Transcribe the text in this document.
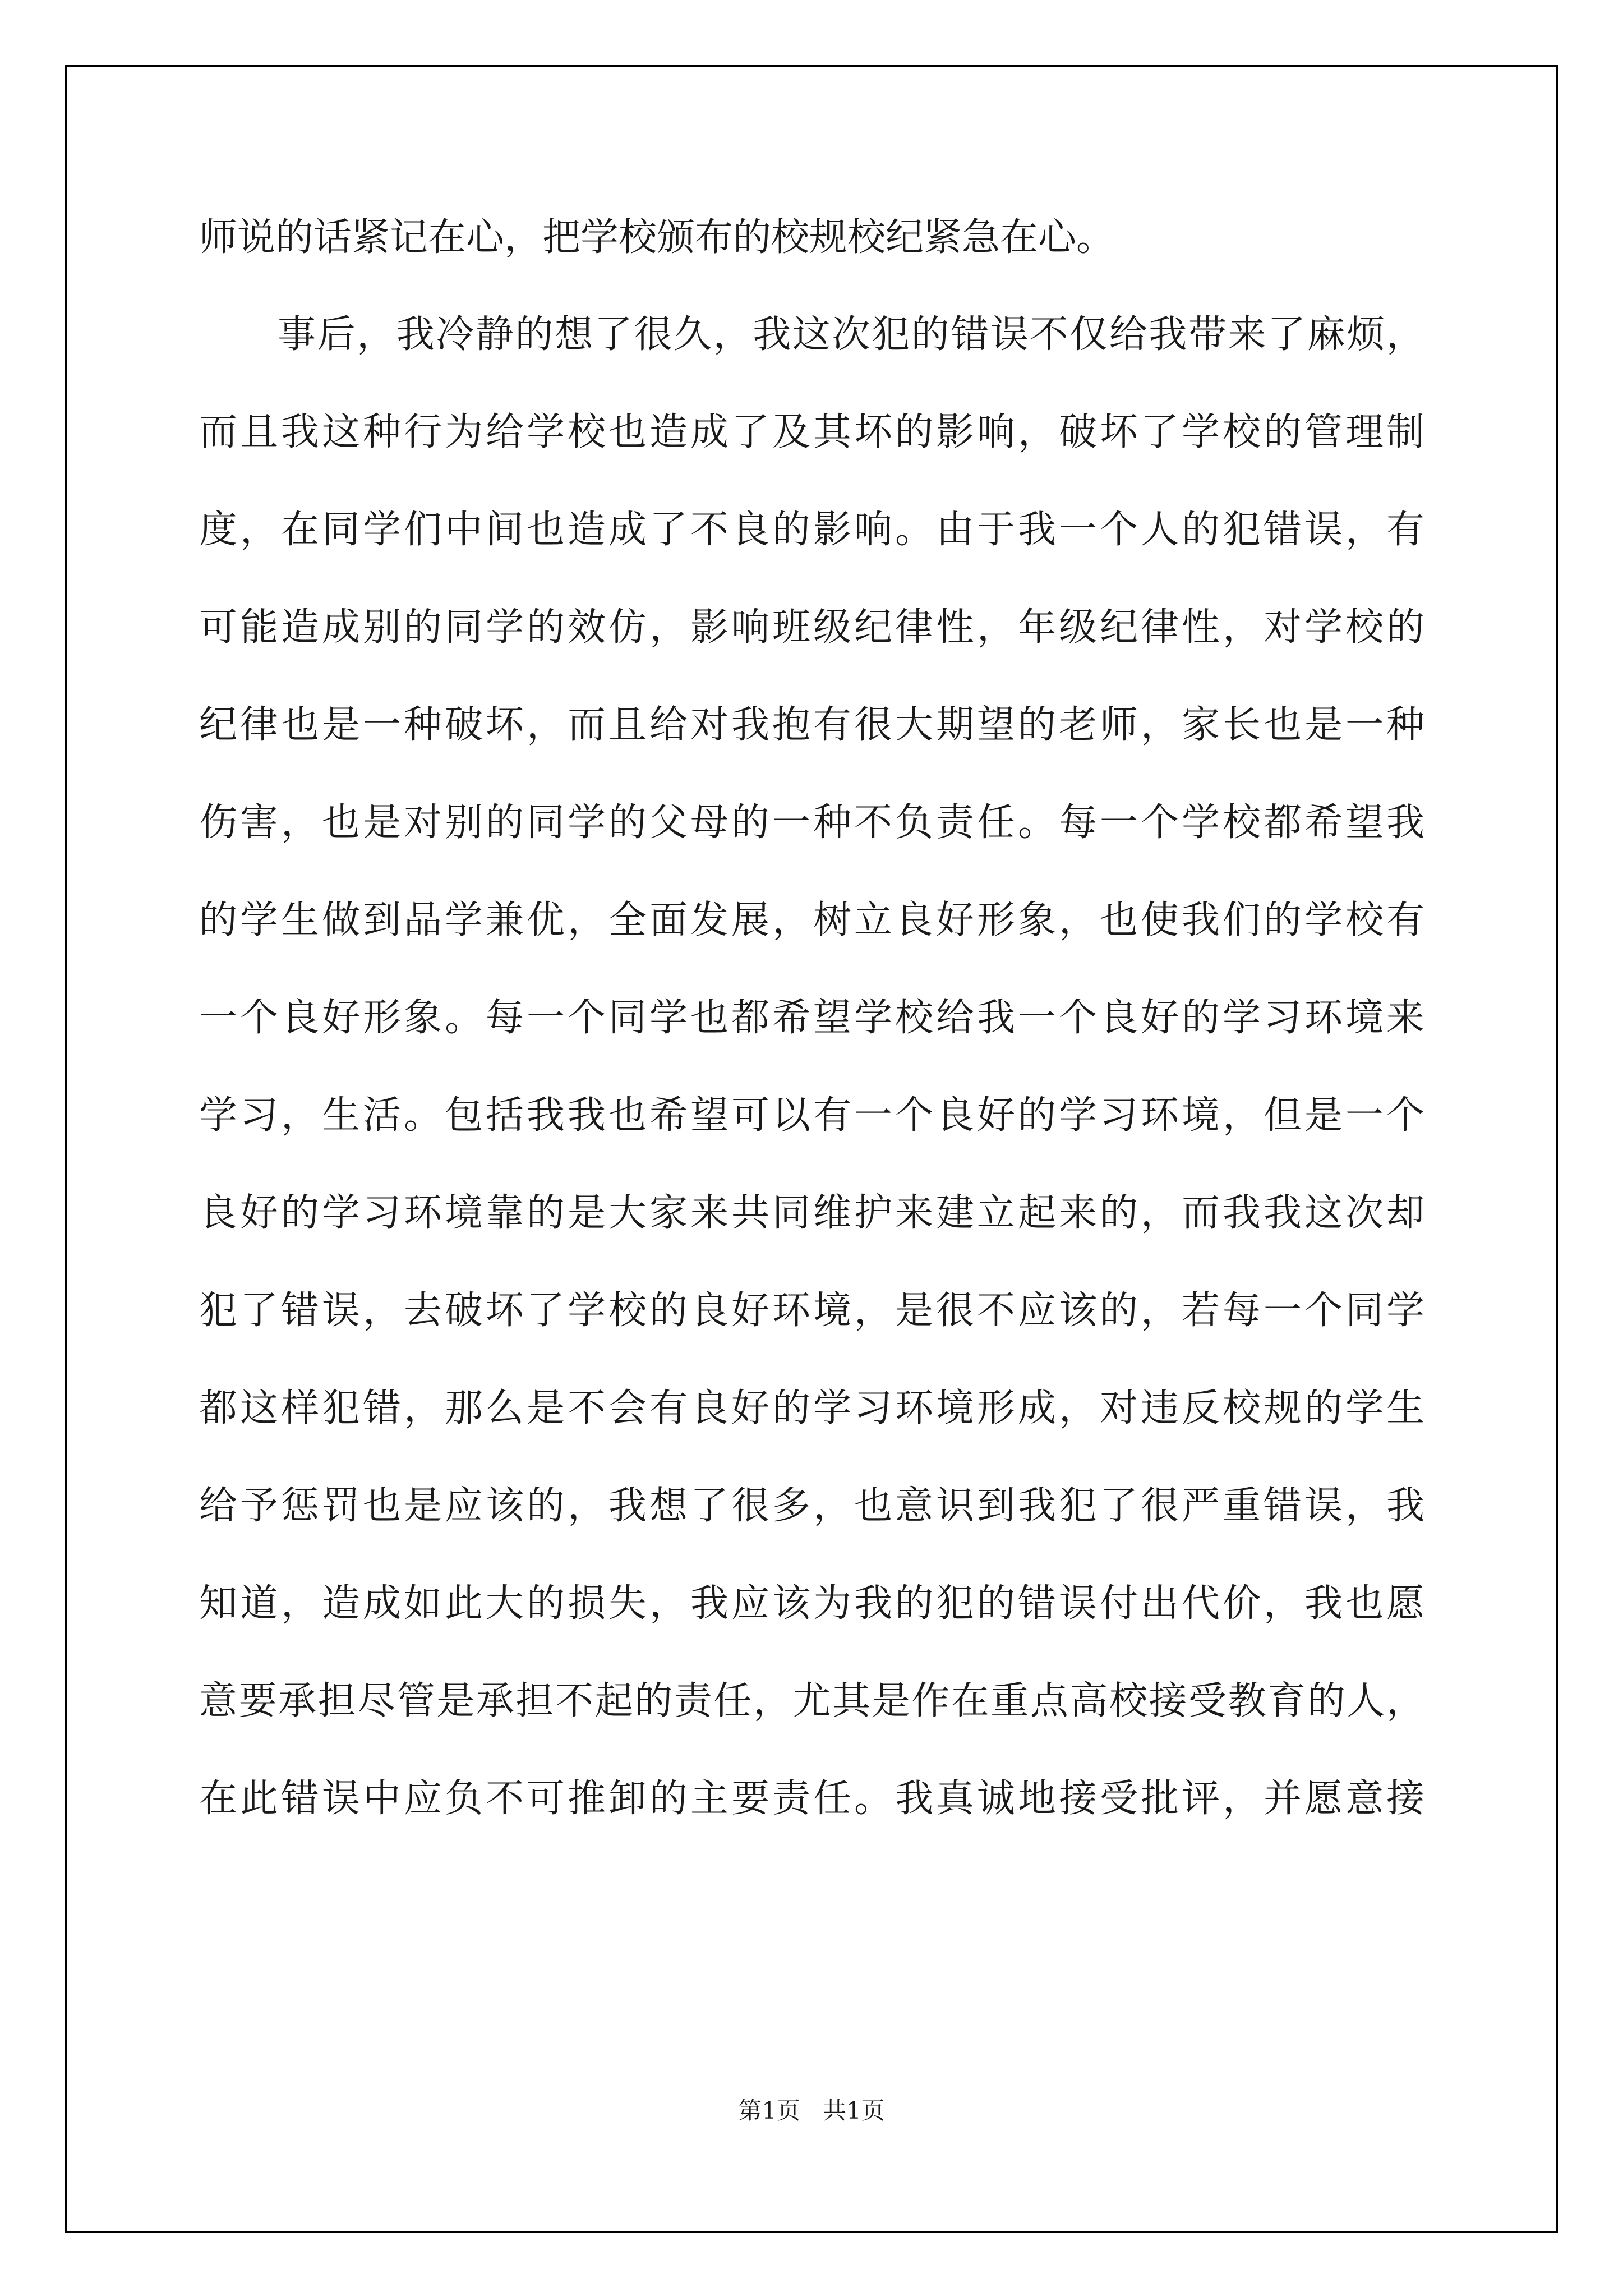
师说的话紧记在心，把学校颁布的校规校纪紧急在心。

事后，我冷静的想了很久，我这次犯的错误不仅给我带来了麻烦，

而且我这种行为给学校也造成了及其坏的影响，破坏了学校的管理制

度，在同学们中间也造成了不良的影响。由于我一个人的犯错误，有

可能造成别的同学的效仿，影响班级纪律性，年级纪律性，对学校的

纪律也是一种破坏，而且给对我抱有很大期望的老师，家长也是一种

伤害，也是对别的同学的父母的一种不负责任。每一个学校都希望我

的学生做到品学兼优，全面发展，树立良好形象，也使我们的学校有

一个良好形象。每一个同学也都希望学校给我一个良好的学习环境来

学习，生活。包括我我也希望可以有一个良好的学习环境，但是一个

良好的学习环境靠的是大家来共同维护来建立起来的，而我我这次却

犯了错误，去破坏了学校的良好环境，是很不应该的，若每一个同学

都这样犯错，那么是不会有良好的学习环境形成，对违反校规的学生

给予惩罚也是应该的，我想了很多，也意识到我犯了很严重错误，我

知道，造成如此大的损失，我应该为我的犯的错误付出代价，我也愿

意要承担尽管是承担不起的责任，尤其是作在重点高校接受教育的人，

在此错误中应负不可推卸的主要责任。我真诚地接受批评，并愿意接

第1页   共1页
